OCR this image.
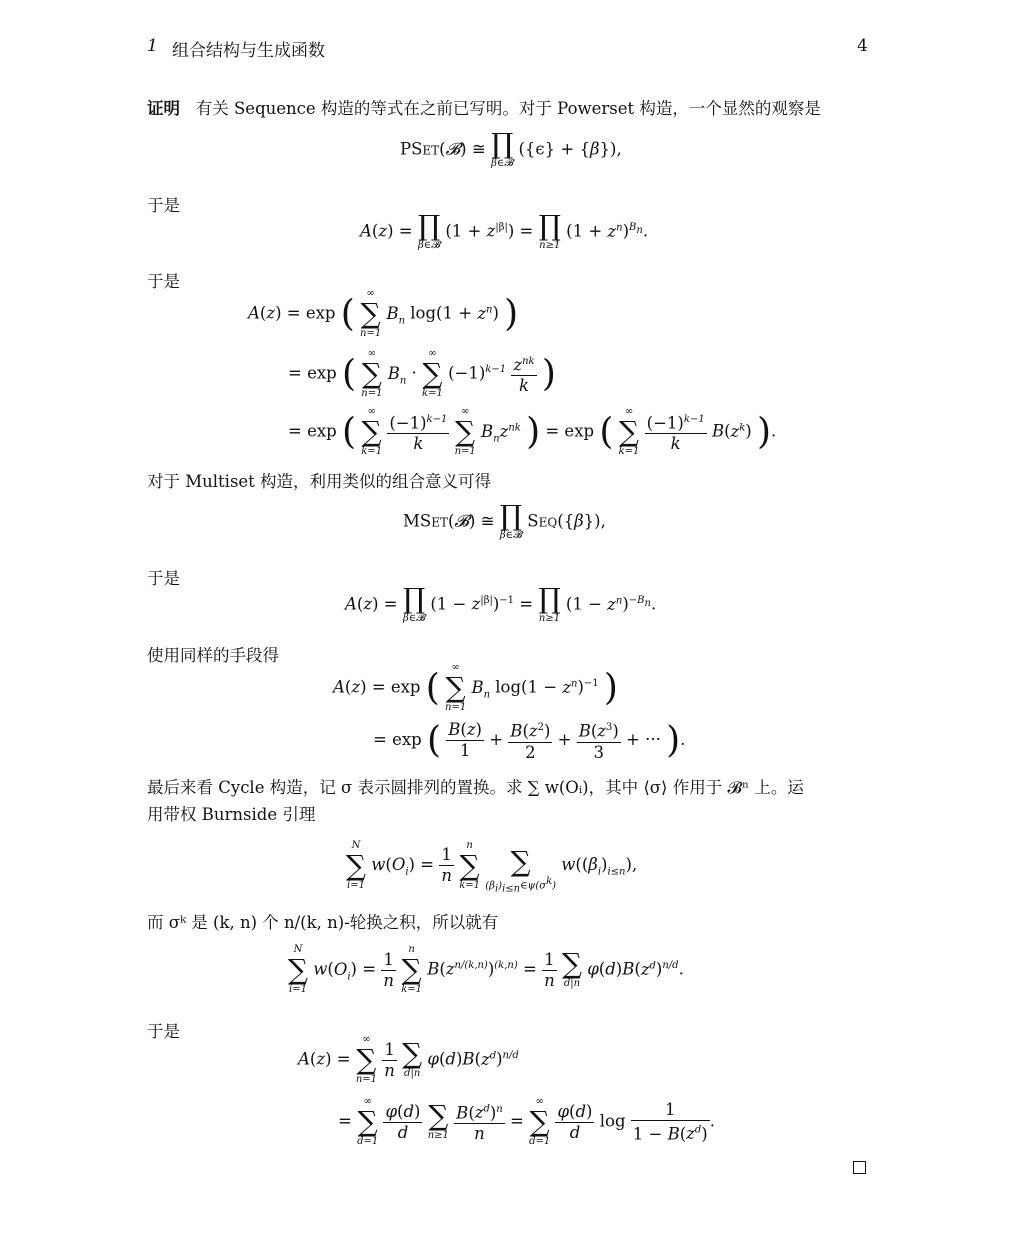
1 组合结构与生成函数	4
证明 有关 Sequence 构造的等式在之前已写明。对于 Powerset 构造，一个显然的观察是
PSet(𝓑) ≅ ∏
β∈𝓑
({ϵ} + {β}),
于是
A(z) = ∏
β∈𝓑
$(1 + z^{|\beta|})$ = ∏
n≥1
$(1 + z^n)^{B_n}$.
于是
A(z) = exp (	∞
∑
n=1
$B_n$ $\log(1 + z^n)$ )
= exp (	∞
∑
n=1
$B_n$ ·
∞
∑
k=1
$(-1)^{k-1} \frac{z^{nk}}{k}$ )
= exp (	∞
∑
k=1
$\frac{(-1)^{k-1}}{k}$
	∞
∑
n=1
$B_nz^{nk}$ ) = exp (	∞
∑
k=1
$\frac{(-1)^{k-1}}{k} B(z^k)$ ).
对于 Multiset 构造，利用类似的组合意义可得
MSet(𝓑) ≅ ∏
β∈𝓑
Seq({β}),
于是
A(z) = ∏
β∈𝓑
$(1 - z^{|\beta|})^{-1}$ = ∏
n≥1
$(1 - z^n)^{-B_n}$.
使用同样的手段得
A(z) = exp (	∞
∑
n=1
$B_n$ $\log(1 - z^n)^{-1}$ )
= exp ( $\frac{B(z)}{1} + \frac{B(z^2)}{2} + \frac{B(z^3)}{3}$ + ··· ).
最后来看 Cycle 构造，记 σ 表示圆排列的置换。求 ∑ w(Oᵢ)，其中 ⟨σ⟩ 作用于 𝓑ⁿ 上。运
用带权 Burnside 引理
N
∑
i=1
$w(O_i) = \frac{1}{n}$
	n
∑
k=1

∑
$(\beta_i)_{i\le n}\in\psi(\sigma^k)$
$w((\beta_i)_{i\le n})$,
而 σᵏ 是 (k, n) 个 n/(k, n)-轮换之积，所以就有
N
∑
i=1
$w(O_i) = \frac{1}{n}$
	n
∑
k=1
$B(z^{n/(k,n)})^{(k,n)} = \frac{1}{n}$
∑
d|n
$\varphi(d)B(z^d)^{n/d}$.
于是
A(z) =
∞
∑
n=1
$\frac{1}{n}$
∑
d|n
$\varphi(d)B(z^d)^{n/d}$
=
∞
∑
d=1
$\frac{\varphi(d)}{d}$
∑
n≥1
$\frac{B(z^d)^n}{n}$ =
∞
∑
d=1
$\frac{\varphi(d)}{d}$ $\log \frac{1}{1 - B(z^d)}$ .
